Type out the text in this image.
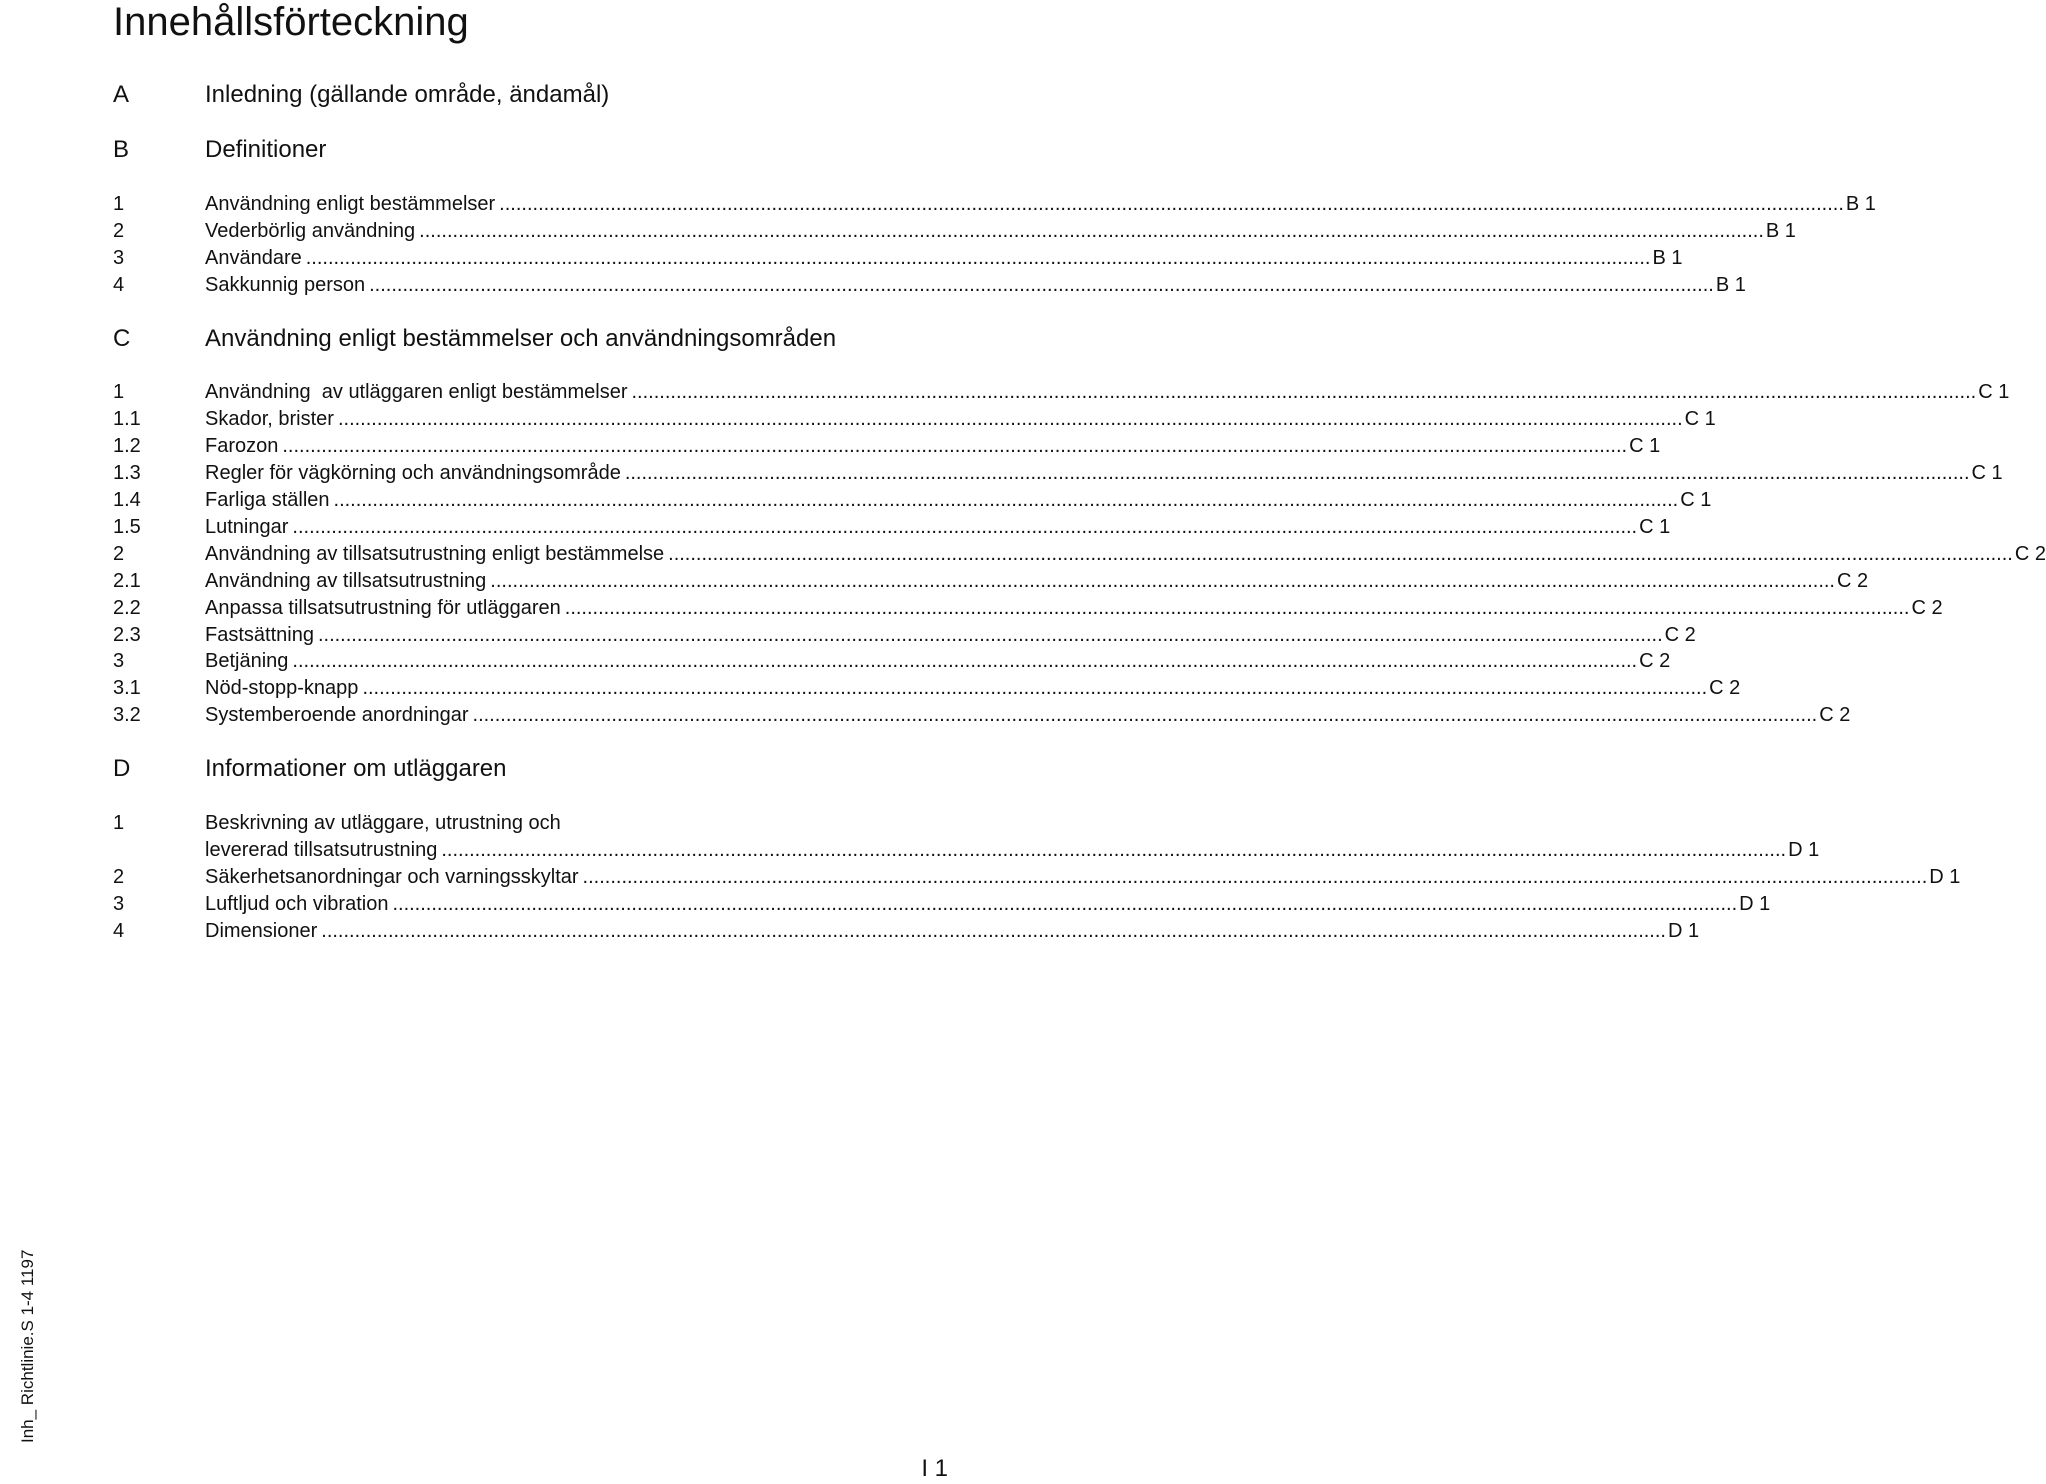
Innehållsförteckning
A	Inledning (gällande område, ändamål)
B	Definitioner
1	Användning enligt bestämmelser .................................................................................................................................................................................................................................................. B 1
2	Vederbörlig användning .................................................................................................................................................................................................................................................. B 1
3	Användare .................................................................................................................................................................................................................................................. B 1
4	Sakkunnig person .................................................................................................................................................................................................................................................. B 1
C	Användning enligt bestämmelser och användningsområden
1	Användning  av utläggaren enligt bestämmelser .................................................................................................................................................................................................................................................. C 1
1.1	Skador, brister .................................................................................................................................................................................................................................................. C 1
1.2	Farozon .................................................................................................................................................................................................................................................. C 1
1.3	Regler för vägkörning och användningsområde .................................................................................................................................................................................................................................................. C 1
1.4	Farliga ställen .................................................................................................................................................................................................................................................. C 1
1.5	Lutningar .................................................................................................................................................................................................................................................. C 1
2	Användning av tillsatsutrustning enligt bestämmelse .................................................................................................................................................................................................................................................. C 2
2.1	Användning av tillsatsutrustning .................................................................................................................................................................................................................................................. C 2
2.2	Anpassa tillsatsutrustning för utläggaren .................................................................................................................................................................................................................................................. C 2
2.3	Fastsättning .................................................................................................................................................................................................................................................. C 2
3	Betjäning .................................................................................................................................................................................................................................................. C 2
3.1	Nöd-stopp-knapp .................................................................................................................................................................................................................................................. C 2
3.2	Systemberoende anordningar .................................................................................................................................................................................................................................................. C 2
D	Informationer om utläggaren
1	Beskrivning av utläggare, utrustning och
levererad tillsatsutrustning .................................................................................................................................................................................................................................................. D 1
2	Säkerhetsanordningar och varningsskyltar .................................................................................................................................................................................................................................................. D 1
3	Luftljud och vibration .................................................................................................................................................................................................................................................. D 1
4	Dimensioner .................................................................................................................................................................................................................................................. D 1
Inh_ Richtlinie.S 1-4 1197
I 1
